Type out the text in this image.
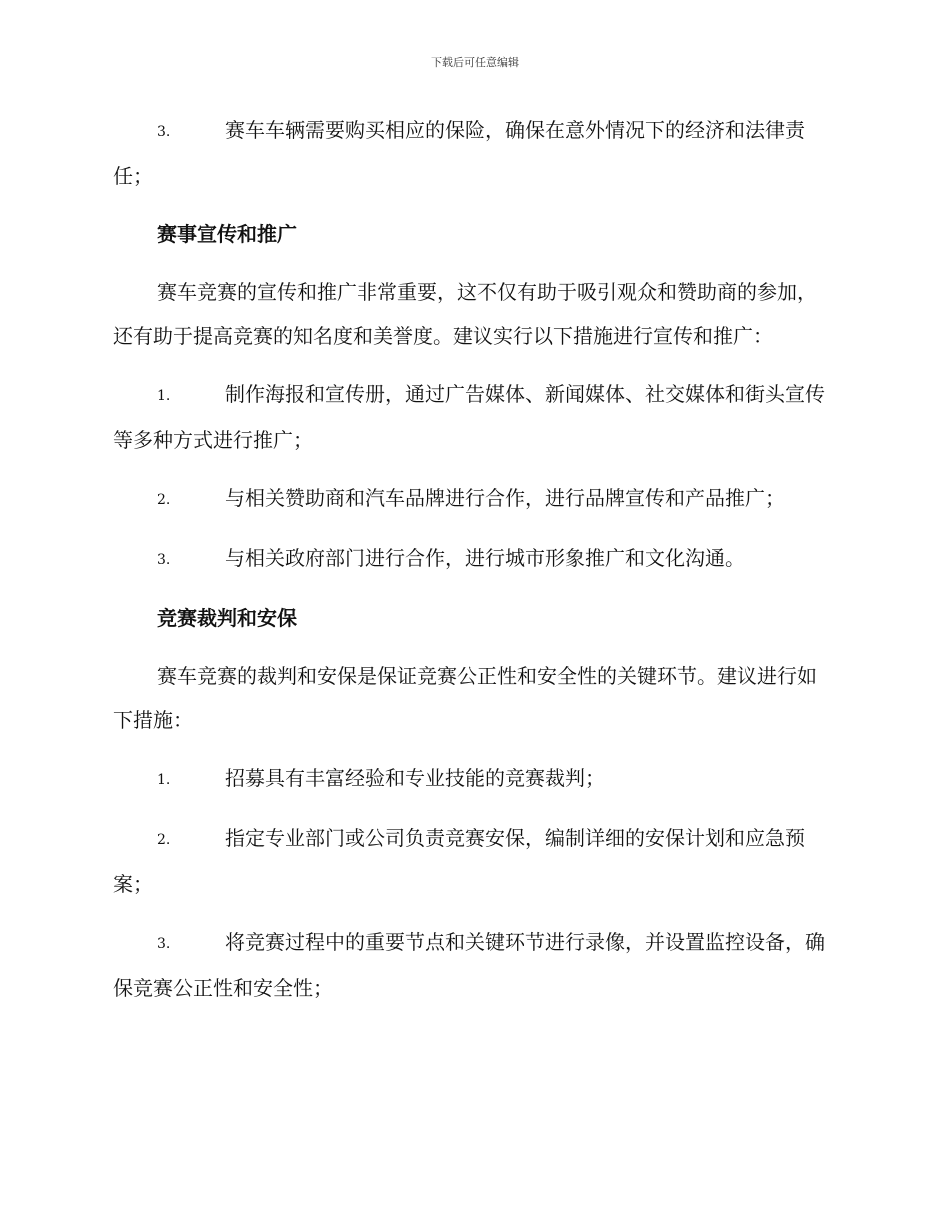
下载后可任意编辑

3.	赛车车辆需要购买相应的保险，确保在意外情况下的经济和法律责任；

赛事宣传和推广

赛车竞赛的宣传和推广非常重要，这不仅有助于吸引观众和赞助商的参加，还有助于提高竞赛的知名度和美誉度。建议实行以下措施进行宣传和推广：

1.	制作海报和宣传册，通过广告媒体、新闻媒体、社交媒体和街头宣传等多种方式进行推广；

2.	与相关赞助商和汽车品牌进行合作，进行品牌宣传和产品推广；

3.	与相关政府部门进行合作，进行城市形象推广和文化沟通。

竞赛裁判和安保

赛车竞赛的裁判和安保是保证竞赛公正性和安全性的关键环节。建议进行如下措施：

1.	招募具有丰富经验和专业技能的竞赛裁判；

2.	指定专业部门或公司负责竞赛安保，编制详细的安保计划和应急预案；

3.	将竞赛过程中的重要节点和关键环节进行录像，并设置监控设备，确保竞赛公正性和安全性；
